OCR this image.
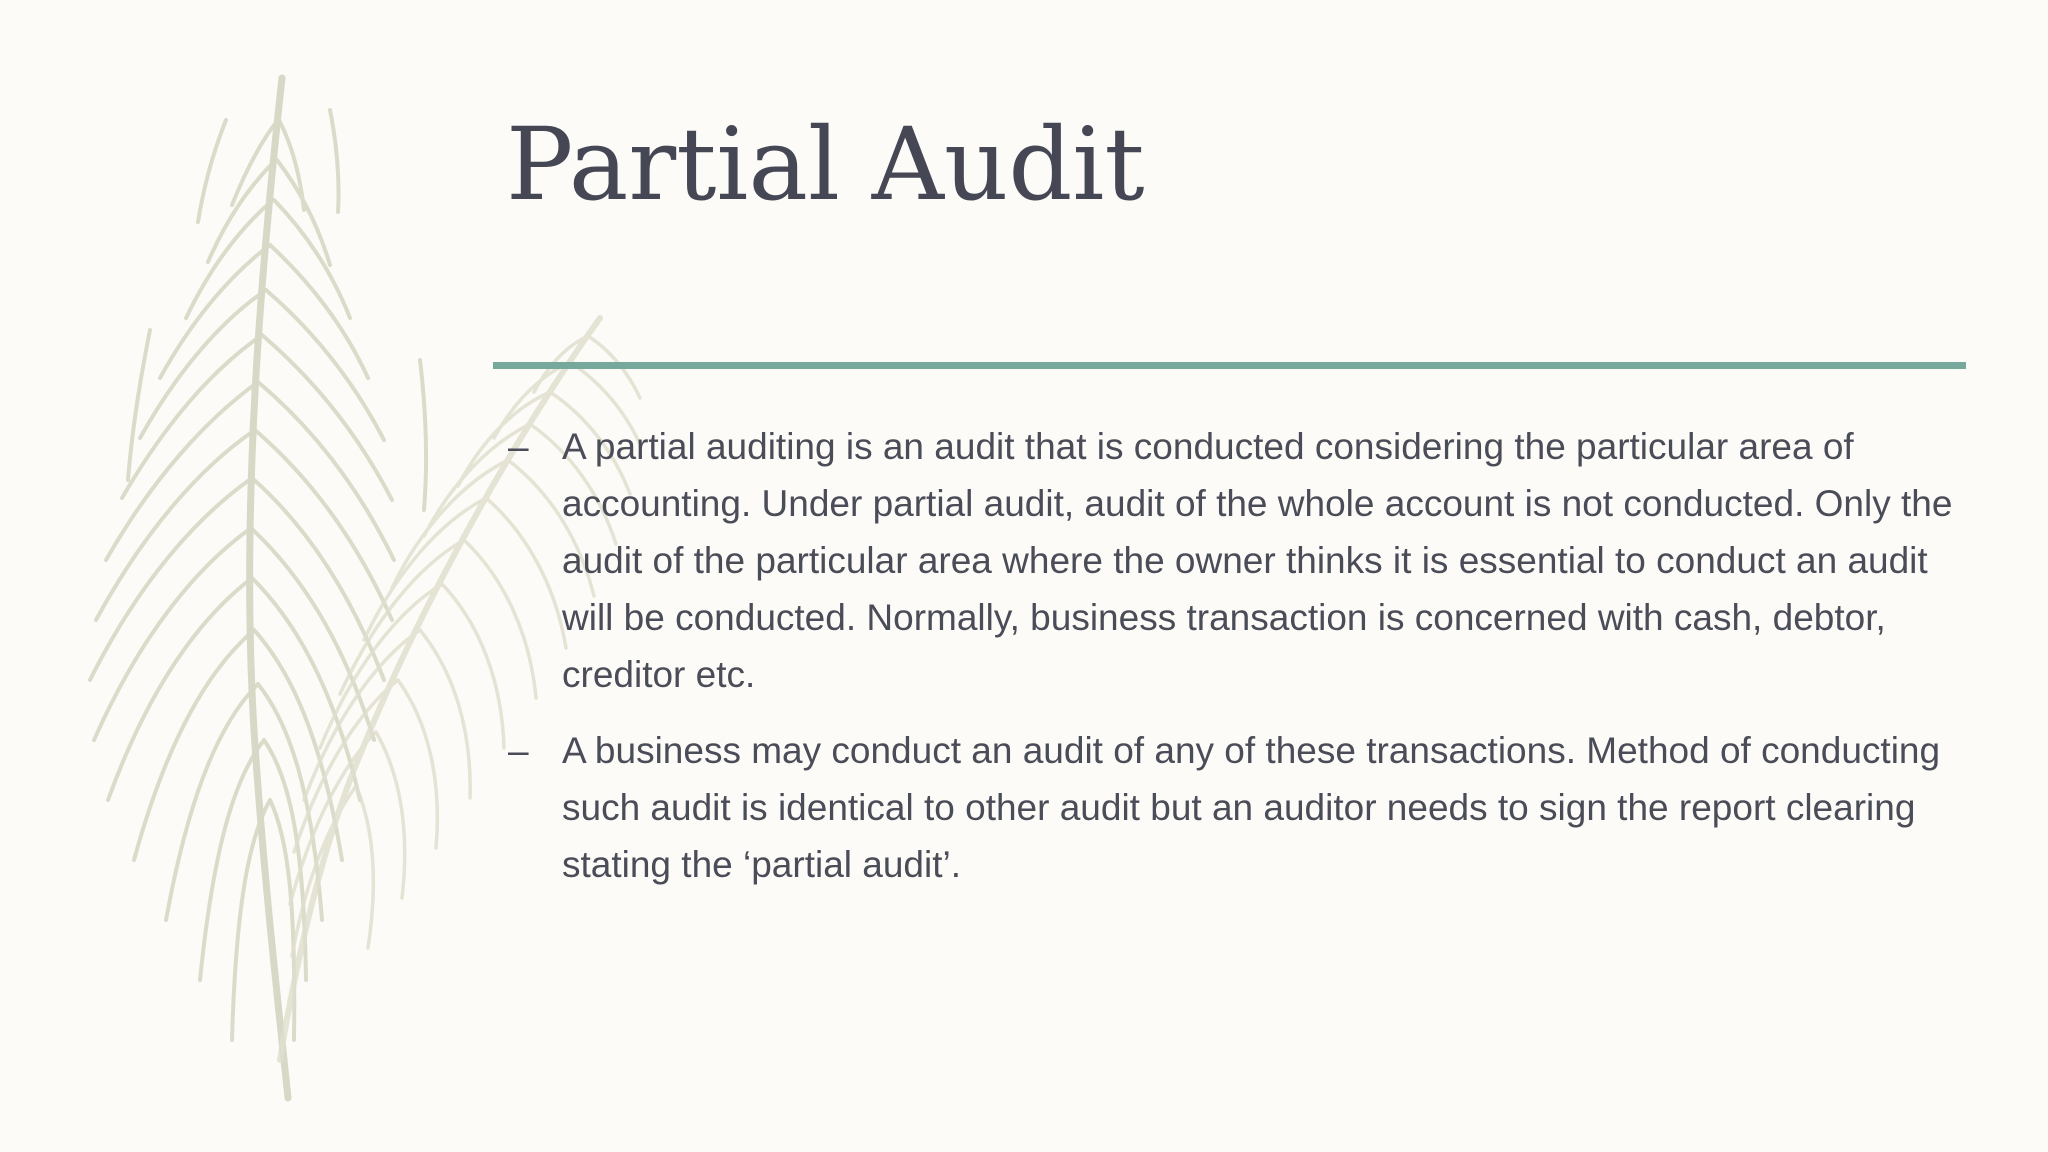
Partial Audit
– A partial auditing is an audit that is conducted considering the particular area of accounting. Under partial audit, audit of the whole account is not conducted. Only the audit of the particular area where the owner thinks it is essential to conduct an audit will be conducted. Normally, business transaction is concerned with cash, debtor, creditor etc.
– A business may conduct an audit of any of these transactions. Method of conducting such audit is identical to other audit but an auditor needs to sign the report clearing stating the ‘partial audit’.
